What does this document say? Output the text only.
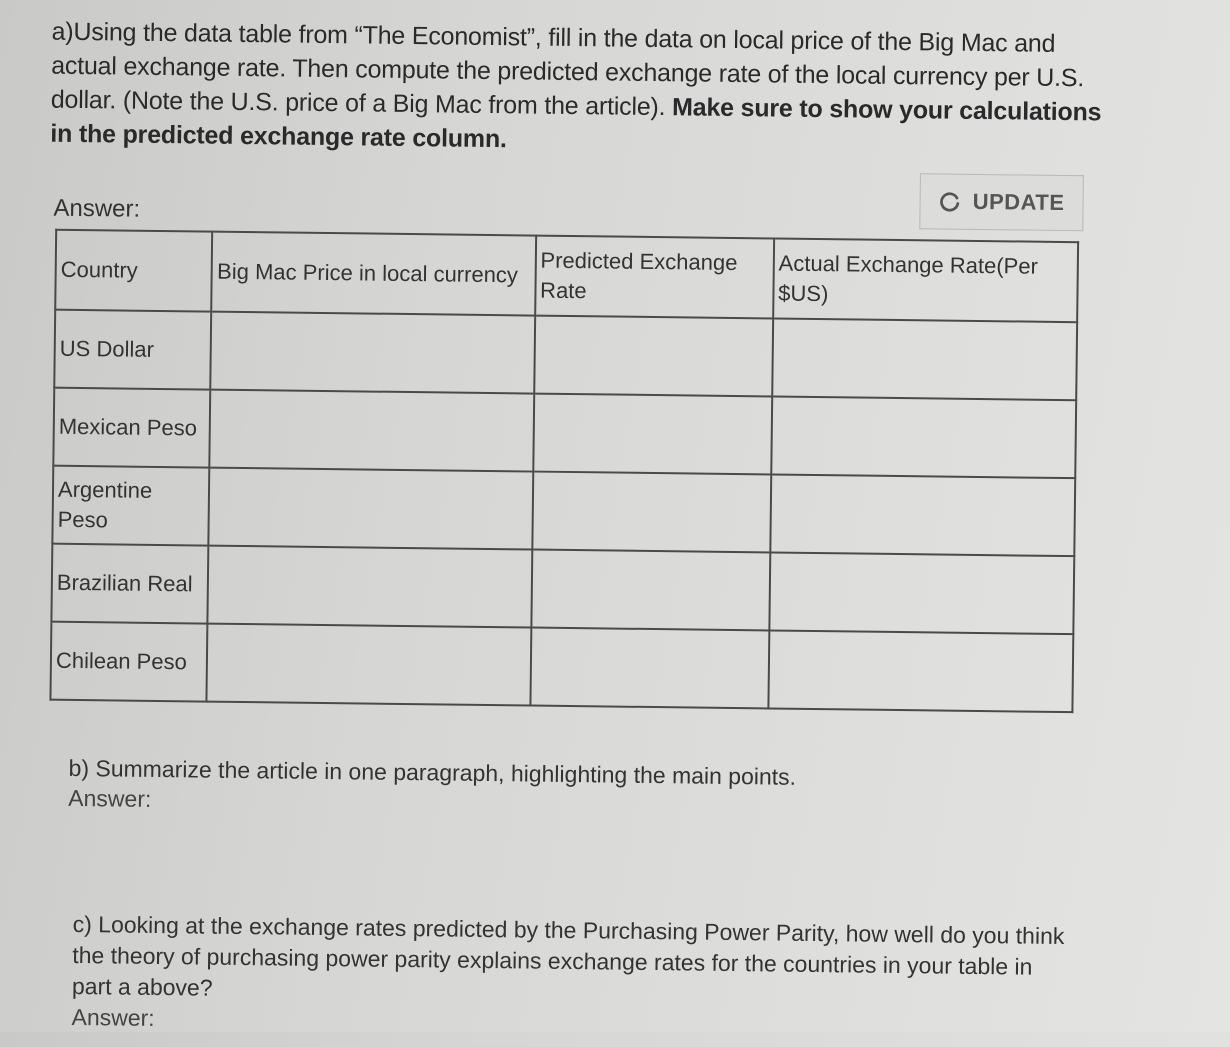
a)Using the data table from “The Economist”, fill in the data on local price of the Big Mac and actual exchange rate. Then compute the predicted exchange rate of the local currency per U.S. dollar. (Note the U.S. price of a Big Mac from the article). Make sure to show your calculations in the predicted exchange rate column.
Answer:	UPDATE
Country	Big Mac Price in local currency	Predicted Exchange Rate	Actual Exchange Rate(Per $US)
US Dollar			
Mexican Peso			
Argentine Peso			
Brazilian Real			
Chilean Peso			
b) Summarize the article in one paragraph, highlighting the main points.
Answer:
c) Looking at the exchange rates predicted by the Purchasing Power Parity, how well do you think the theory of purchasing power parity explains exchange rates for the countries in your table in part a above?
Answer:
